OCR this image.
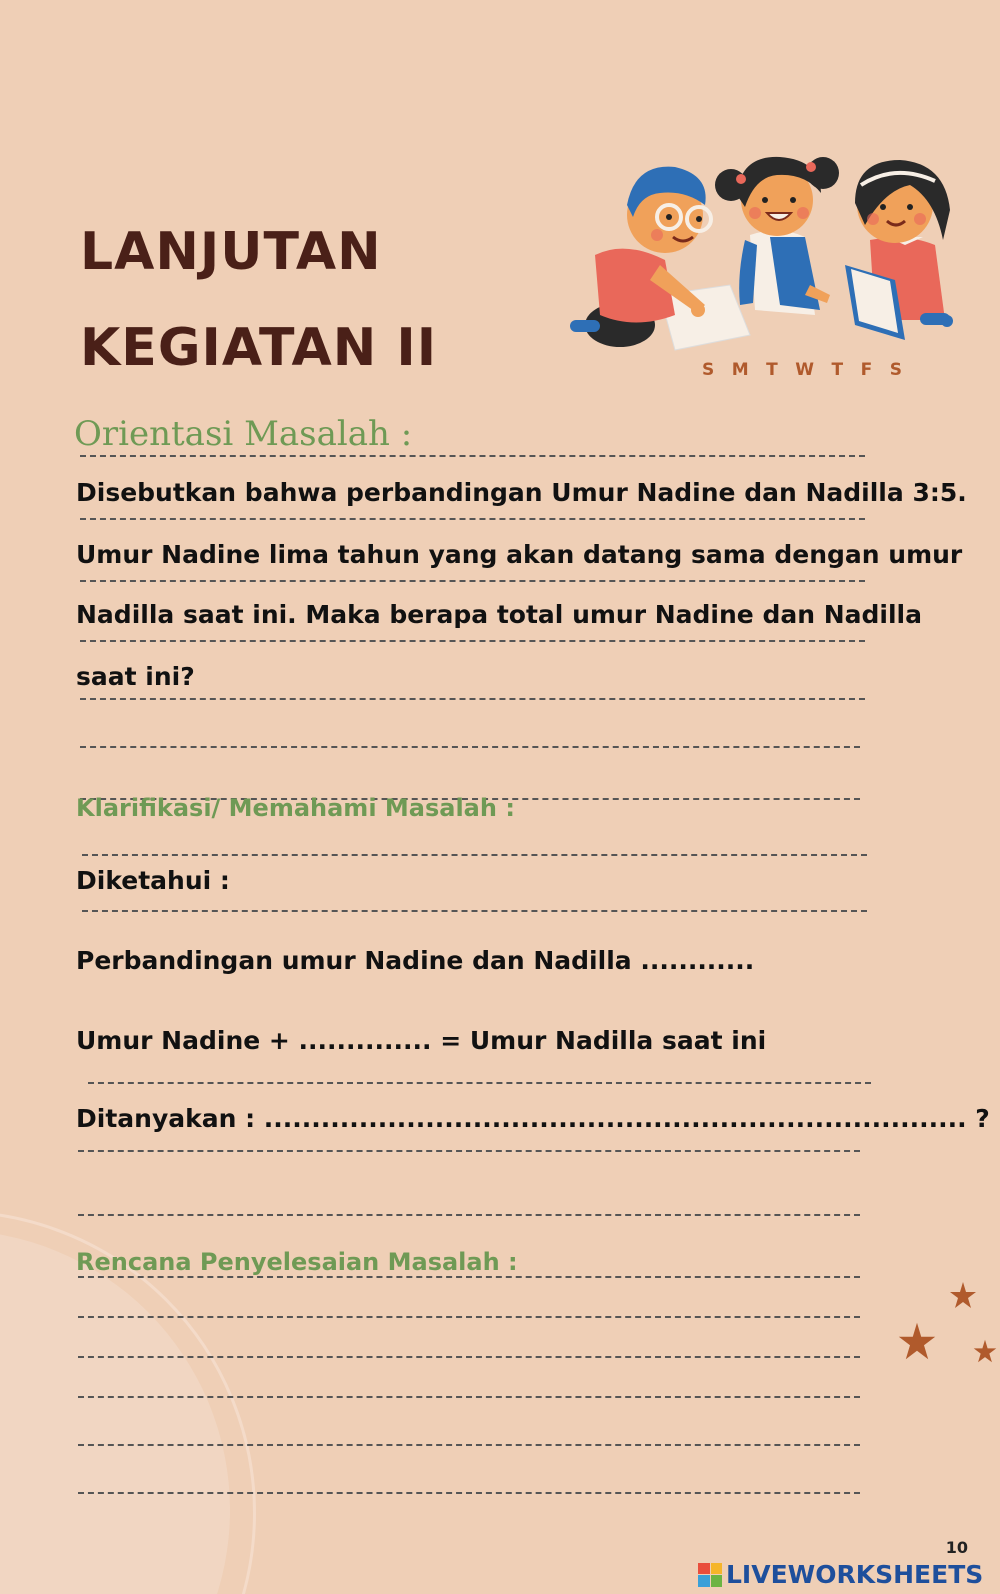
LANJUTAN
KEGIATAN II	S M T W T F S
Orientasi Masalah :
Disebutkan bahwa perbandingan Umur Nadine dan Nadilla 3:5.
Umur Nadine lima tahun yang akan datang sama dengan umur
Nadilla saat ini. Maka berapa total umur Nadine dan Nadilla
saat ini?
Klarifikasi/ Memahami Masalah :
Diketahui :
Perbandingan umur Nadine dan Nadilla ............
Umur Nadine + .............. = Umur Nadilla saat ini
Ditanyakan : .......................................................................... ?
Rencana Penyelesaian Masalah :
10
LIVEWORKSHEETS
